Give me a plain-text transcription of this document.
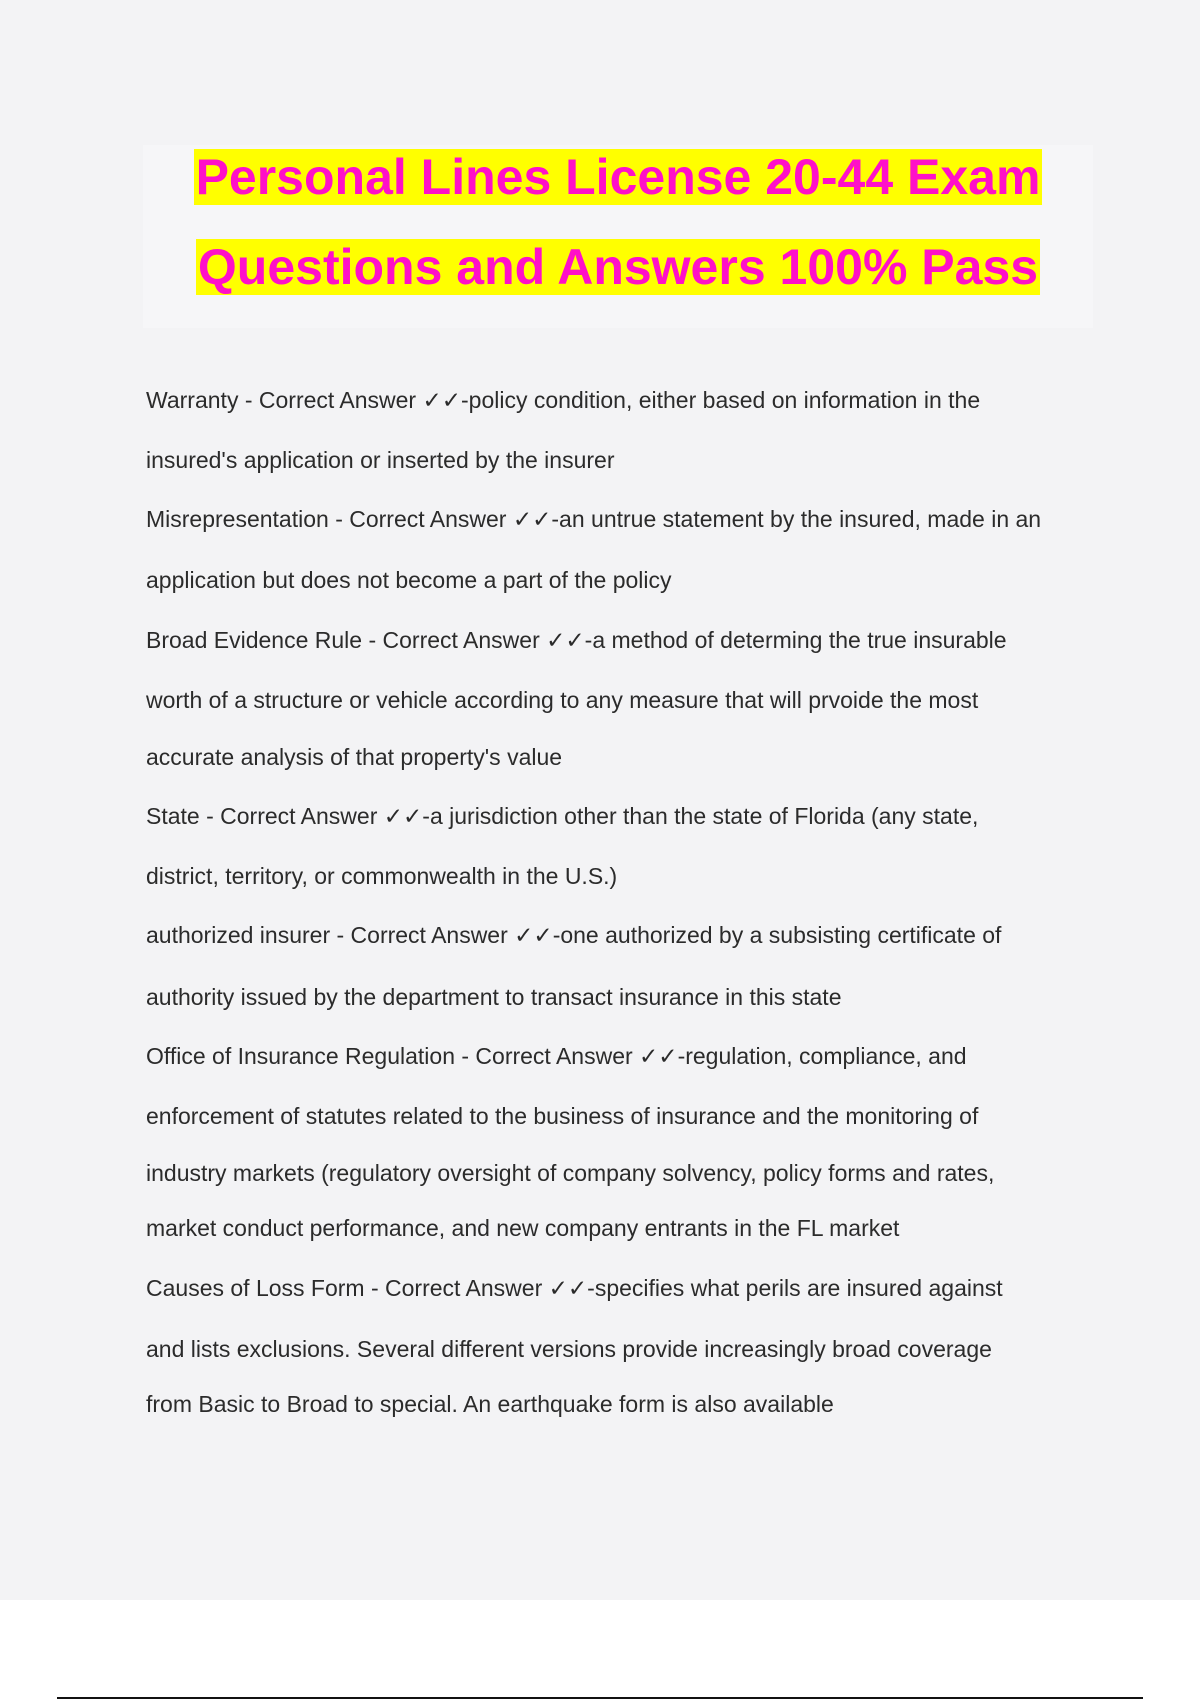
Personal Lines License 20-44 Exam
Questions and Answers 100% Pass
Warranty - Correct Answer ✓✓-policy condition, either based on information in the
insured's application or inserted by the insurer
Misrepresentation - Correct Answer ✓✓-an untrue statement by the insured, made in an
application but does not become a part of the policy
Broad Evidence Rule - Correct Answer ✓✓-a method of determing the true insurable
worth of a structure or vehicle according to any measure that will prvoide the most
accurate analysis of that property's value
State - Correct Answer ✓✓-a jurisdiction other than the state of Florida (any state,
district, territory, or commonwealth in the U.S.)
authorized insurer - Correct Answer ✓✓-one authorized by a subsisting certificate of
authority issued by the department to transact insurance in this state
Office of Insurance Regulation - Correct Answer ✓✓-regulation, compliance, and
enforcement of statutes related to the business of insurance and the monitoring of
industry markets (regulatory oversight of company solvency, policy forms and rates,
market conduct performance, and new company entrants in the FL market
Causes of Loss Form - Correct Answer ✓✓-specifies what perils are insured against
and lists exclusions. Several different versions provide increasingly broad coverage
from Basic to Broad to special. An earthquake form is also available
